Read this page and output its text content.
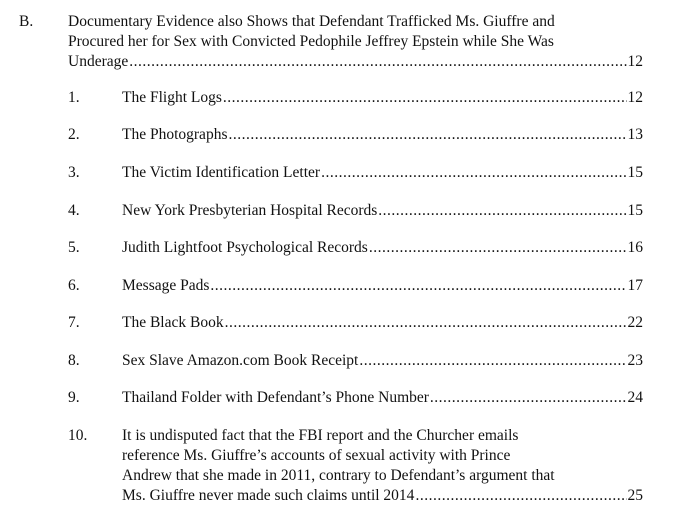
B. Documentary Evidence also Shows that Defendant Trafficked Ms. Giuffre and
Procured her for Sex with Convicted Pedophile Jeffrey Epstein while She Was
Underage .....	12
1.	The Flight Logs .....	12
2.	The Photographs .....	13
3.	The Victim Identification Letter .....	15
4.	New York Presbyterian Hospital Records .....	15
5.	Judith Lightfoot Psychological Records .....	16
6.	Message Pads .....	17
7.	The Black Book .....	22
8.	Sex Slave Amazon.com Book Receipt .....	23
9.	Thailand Folder with Defendant’s Phone Number .....	24
10. It is undisputed fact that the FBI report and the Churcher emails
reference Ms. Giuffre’s accounts of sexual activity with Prince
Andrew that she made in 2011, contrary to Defendant’s argument that
Ms. Giuffre never made such claims until 2014 .....	25
